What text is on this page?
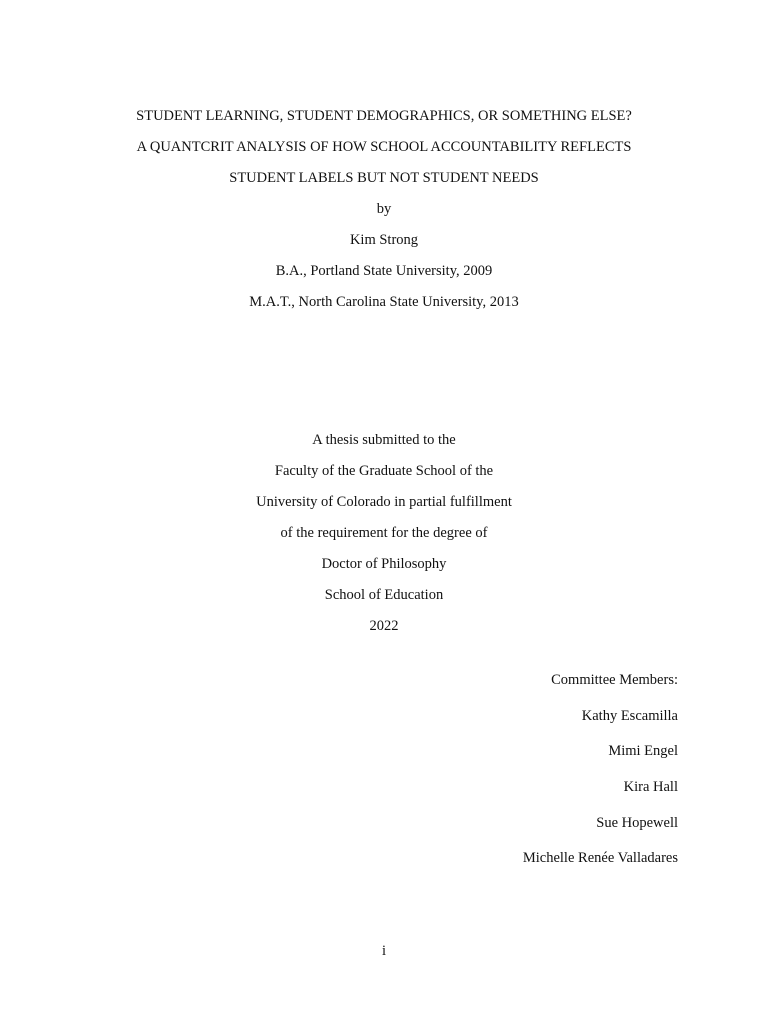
STUDENT LEARNING, STUDENT DEMOGRAPHICS, OR SOMETHING ELSE?
A QUANTCRIT ANALYSIS OF HOW SCHOOL ACCOUNTABILITY REFLECTS
STUDENT LABELS BUT NOT STUDENT NEEDS
by
Kim Strong
B.A., Portland State University, 2009
M.A.T., North Carolina State University, 2013
A thesis submitted to the
Faculty of the Graduate School of the
University of Colorado in partial fulfillment
of the requirement for the degree of
Doctor of Philosophy
School of Education
2022
Committee Members:
Kathy Escamilla
Mimi Engel
Kira Hall
Sue Hopewell
Michelle Renée Valladares
i
